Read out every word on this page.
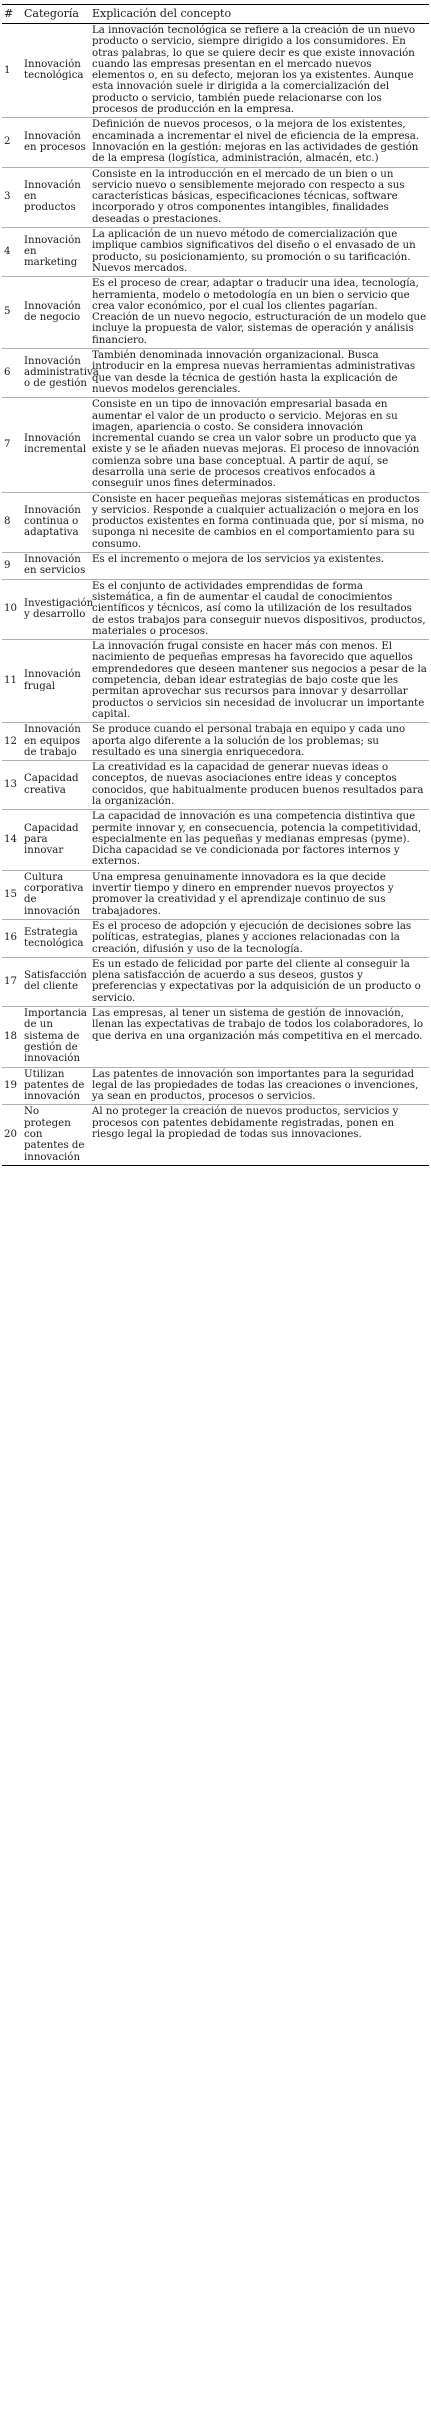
#	Categoría	Explicación del concepto
1	Innovación tecnológica	La innovación tecnológica se refiere a la creación de un nuevo producto o servicio, siempre dirigido a los consumidores. En otras palabras, lo que se quiere decir es que existe innovación cuando las empresas presentan en el mercado nuevos elementos o, en su defecto, mejoran los ya existentes. Aunque esta innovación suele ir dirigida a la comercialización del producto o servicio, también puede relacionarse con los procesos de producción en la empresa.
2	Innovación en procesos	Definición de nuevos procesos, o la mejora de los existentes, encaminada a incrementar el nivel de eficiencia de la empresa. Innovación en la gestión: mejoras en las actividades de gestión de la empresa (logística, administración, almacén, etc.)
3	Innovación en productos	Consiste en la introducción en el mercado de un bien o un servicio nuevo o sensiblemente mejorado con respecto a sus características básicas, especificaciones técnicas, software incorporado y otros componentes intangibles, finalidades deseadas o prestaciones.
4	Innovación en marketing	La aplicación de un nuevo método de comercialización que implique cambios significativos del diseño o el envasado de un producto, su posicionamiento, su promoción o su tarificación. Nuevos mercados.
5	Innovación de negocio	Es el proceso de crear, adaptar o traducir una idea, tecnología, herramienta, modelo o metodología en un bien o servicio que crea valor económico, por el cual los clientes pagarían. Creación de un nuevo negocio, estructuración de un modelo que incluye la propuesta de valor, sistemas de operación y análisis financiero.
6	Innovación administrativa o de gestión	También denominada innovación organizacional. Busca introducir en la empresa nuevas herramientas administrativas que van desde la técnica de gestión hasta la explicación de nuevos modelos gerenciales.
7	Innovación incremental	Consiste en un tipo de innovación empresarial basada en aumentar el valor de un producto o servicio. Mejoras en su imagen, apariencia o costo. Se considera innovación incremental cuando se crea un valor sobre un producto que ya existe y se le añaden nuevas mejoras. El proceso de innovación comienza sobre una base conceptual. A partir de aquí, se desarrolla una serie de procesos creativos enfocados a conseguir unos fines determinados.
8	Innovación continua o adaptativa	Consiste en hacer pequeñas mejoras sistemáticas en productos y servicios. Responde a cualquier actualización o mejora en los productos existentes en forma continuada que, por sí misma, no suponga ni necesite de cambios en el comportamiento para su consumo.
9	Innovación en servicios	Es el incremento o mejora de los servicios ya existentes.
10	Investigación y desarrollo	Es el conjunto de actividades emprendidas de forma sistemática, a fin de aumentar el caudal de conocimientos científicos y técnicos, así como la utilización de los resultados de estos trabajos para conseguir nuevos dispositivos, productos, materiales o procesos.
11	Innovación frugal	La innovación frugal consiste en hacer más con menos. El nacimiento de pequeñas empresas ha favorecido que aquellos emprendedores que deseen mantener sus negocios a pesar de la competencia, deban idear estrategias de bajo coste que les permitan aprovechar sus recursos para innovar y desarrollar productos o servicios sin necesidad de involucrar un importante capital.
12	Innovación en equipos de trabajo	Se produce cuando el personal trabaja en equipo y cada uno aporta algo diferente a la solución de los problemas; su resultado es una sinergia enriquecedora.
13	Capacidad creativa	La creatividad es la capacidad de generar nuevas ideas o conceptos, de nuevas asociaciones entre ideas y conceptos conocidos, que habitualmente producen buenos resultados para la organización.
14	Capacidad para innovar	La capacidad de innovación es una competencia distintiva que permite innovar y, en consecuencia, potencia la competitividad, especialmente en las pequeñas y medianas empresas (pyme). Dicha capacidad se ve condicionada por factores internos y externos.
15	Cultura corporativa de innovación	Una empresa genuinamente innovadora es la que decide invertir tiempo y dinero en emprender nuevos proyectos y promover la creatividad y el aprendizaje continuo de sus trabajadores.
16	Estrategia tecnológica	Es el proceso de adopción y ejecución de decisiones sobre las políticas, estrategias, planes y acciones relacionadas con la creación, difusión y uso de la tecnología.
17	Satisfacción del cliente	Es un estado de felicidad por parte del cliente al conseguir la plena satisfacción de acuerdo a sus deseos, gustos y preferencias y expectativas por la adquisición de un producto o servicio.
18	Importancia de un sistema de gestión de innovación	Las empresas, al tener un sistema de gestión de innovación, llenan las expectativas de trabajo de todos los colaboradores, lo que deriva en una organización más competitiva en el mercado.
19	Utilizan patentes de innovación	Las patentes de innovación son importantes para la seguridad legal de las propiedades de todas las creaciones o invenciones, ya sean en productos, procesos o servicios.
20	No protegen con patentes de innovación	Al no proteger la creación de nuevos productos, servicios y procesos con patentes debidamente registradas, ponen en riesgo legal la propiedad de todas sus innovaciones.
